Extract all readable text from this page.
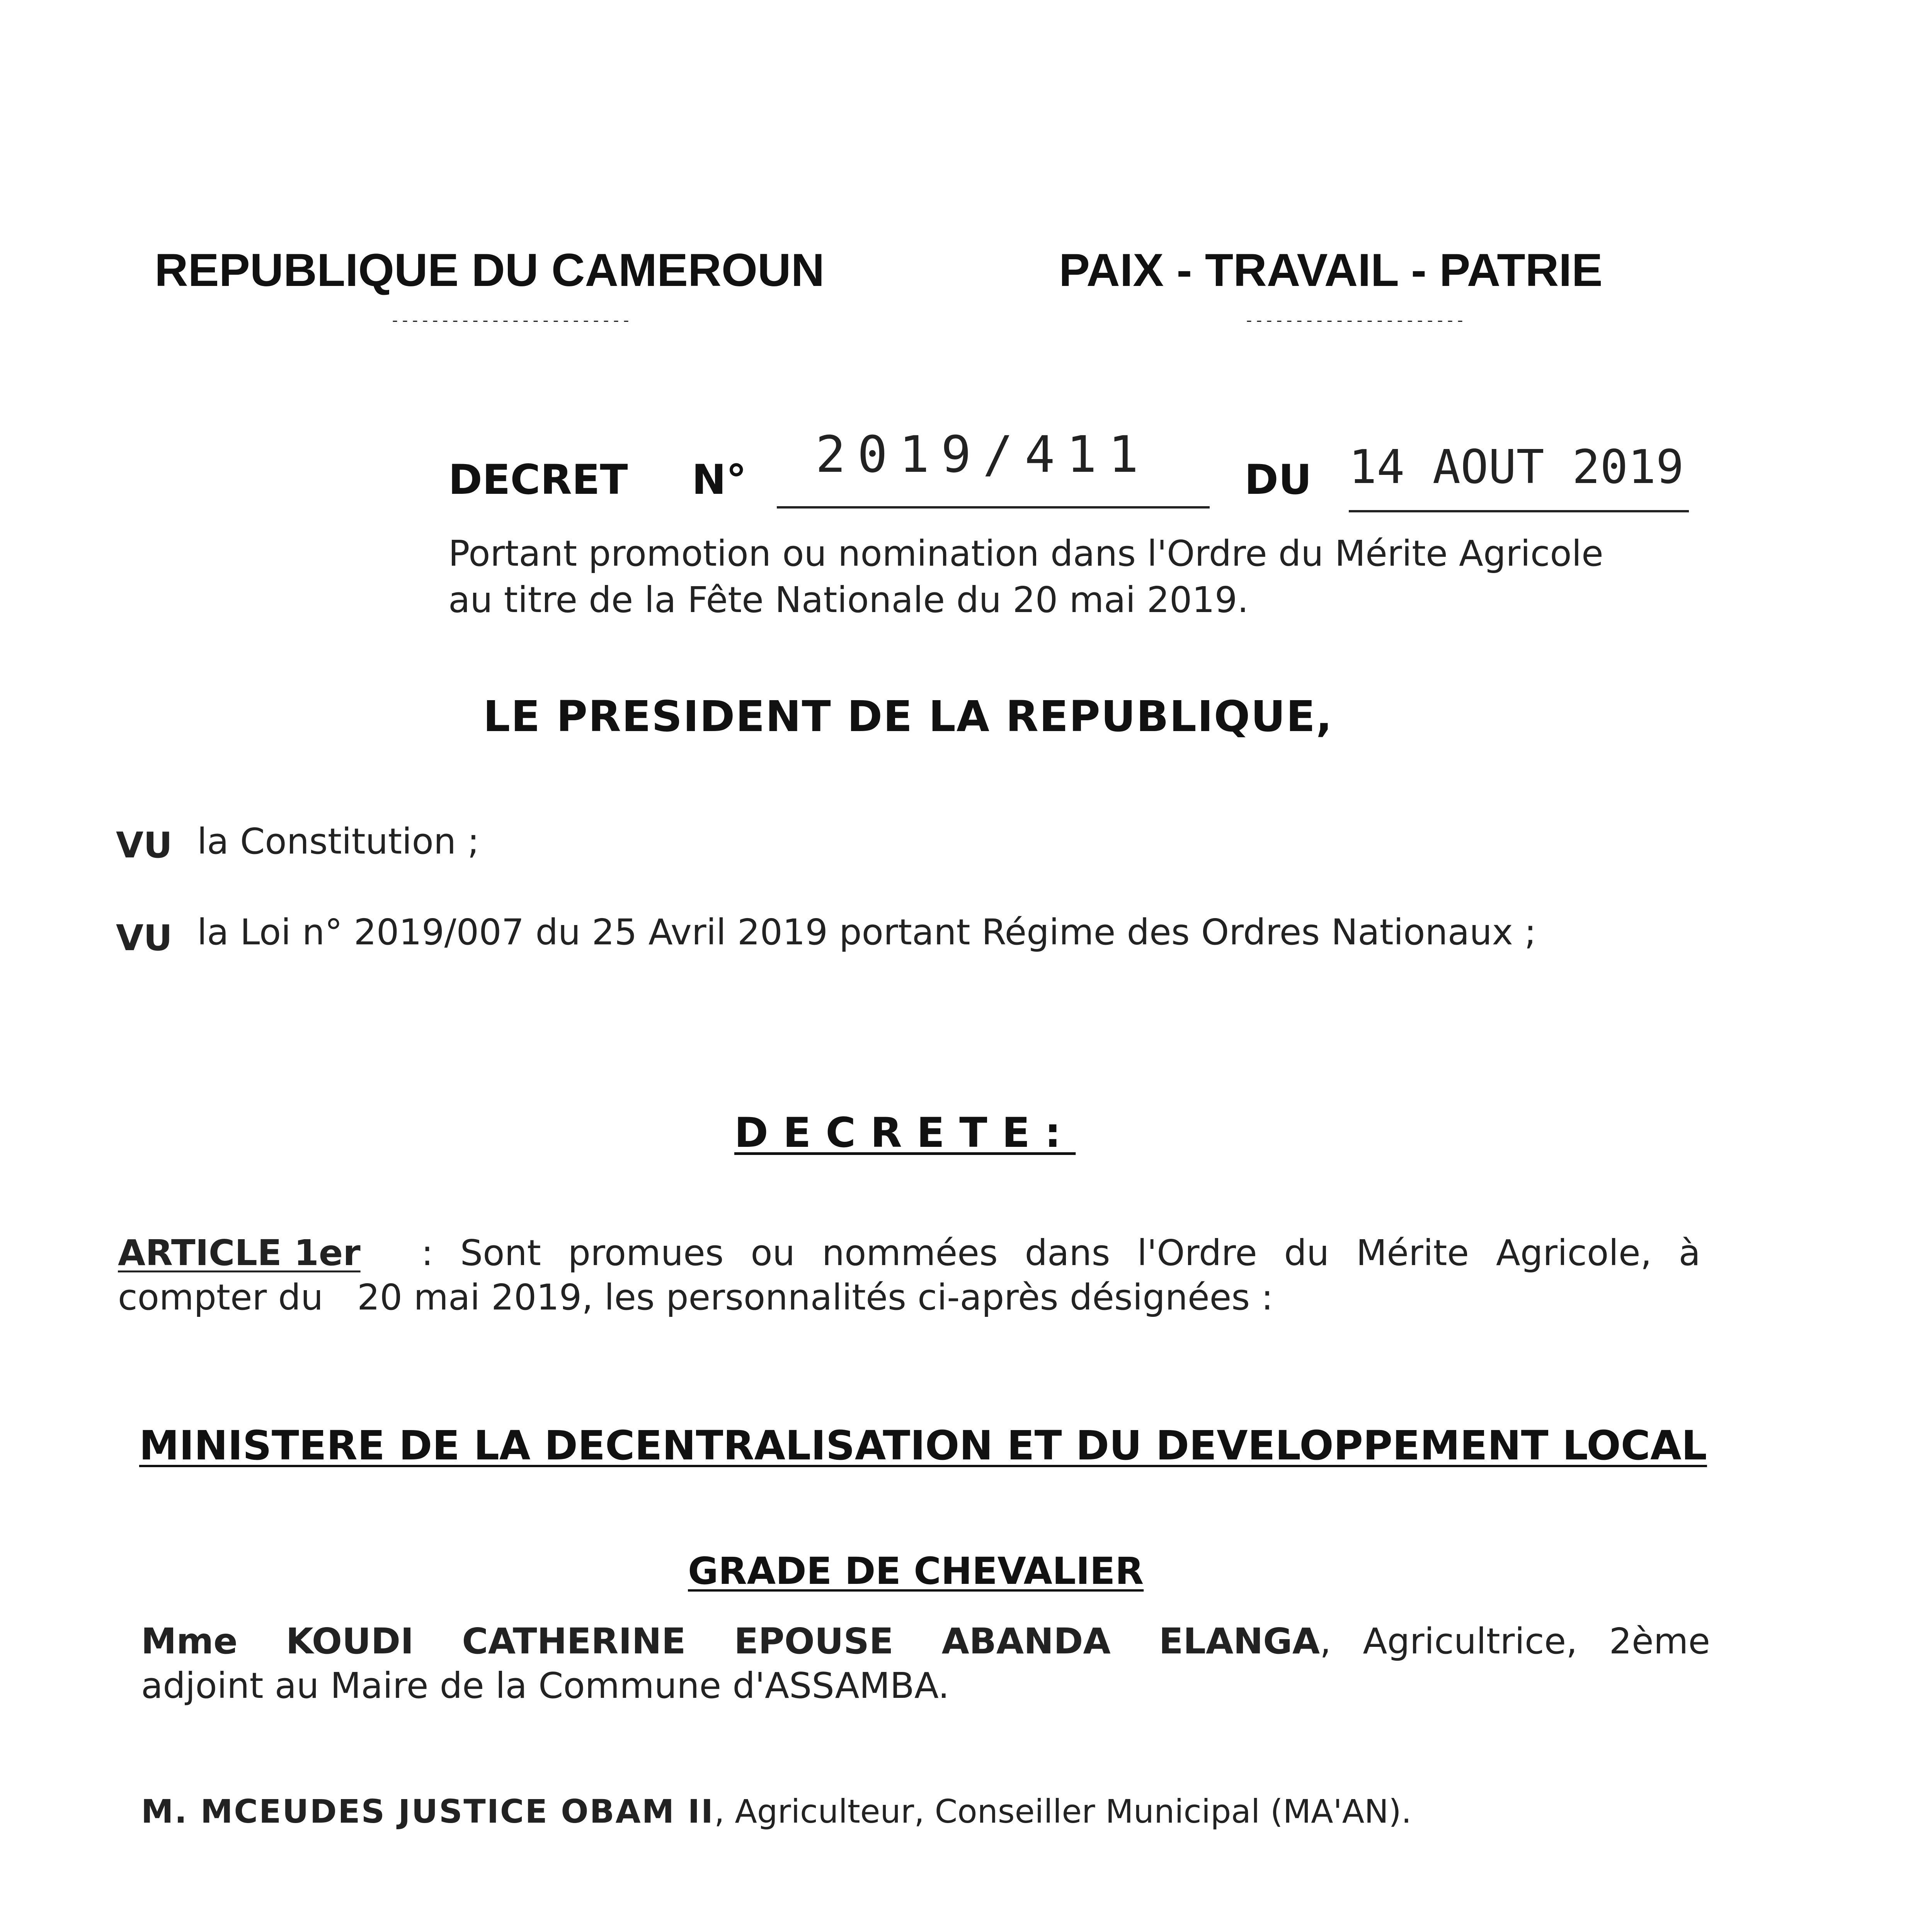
REPUBLIQUE DU CAMEROUN
------------------------
PAIX - TRAVAIL - PATRIE
----------------------
DECRET N° 2019/411 DU 14 AOUT 2019
Portant promotion ou nomination dans l'Ordre du Mérite Agricole
au titre de la Fête Nationale du 20 mai 2019.
LE PRESIDENT DE LA REPUBLIQUE,
VU la Constitution ;
VU la Loi n° 2019/007 du 25 Avril 2019 portant Régime des Ordres Nationaux ;
DECRETE:
ARTICLE 1er : Sont promues ou nommées dans l'Ordre du Mérite Agricole, à
compter du   20 mai 2019, les personnalités ci-après désignées :
MINISTERE DE LA DECENTRALISATION ET DU DEVELOPPEMENT LOCAL
GRADE DE CHEVALIER
Mme KOUDI CATHERINE EPOUSE ABANDA ELANGA, Agricultrice, 2ème
adjoint au Maire de la Commune d'ASSAMBA.
M. MCEUDES JUSTICE OBAM II, Agriculteur, Conseiller Municipal (MA'AN).
